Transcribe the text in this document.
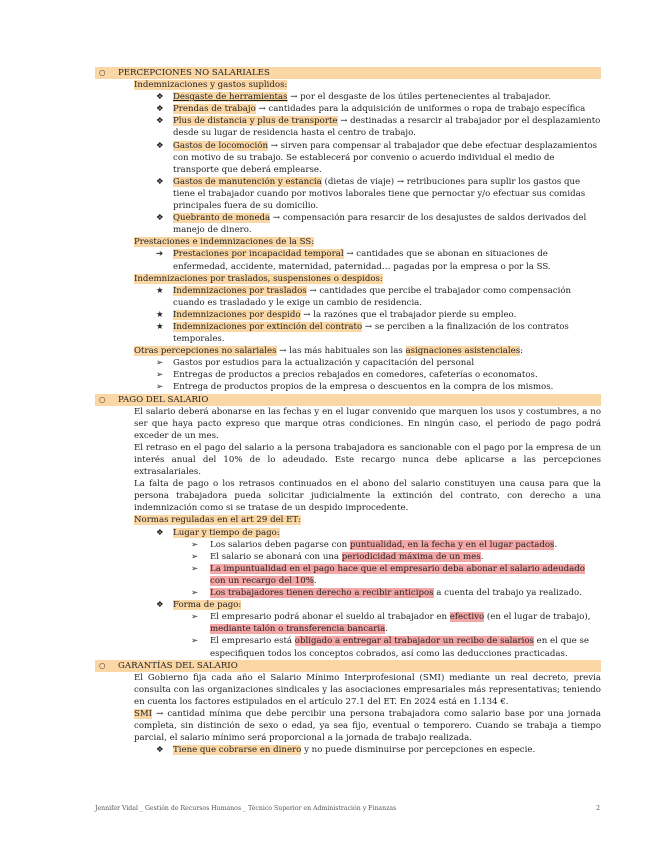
○ PERCEPCIONES NO SALARIALES
Indemnizaciones y gastos suplidos:
❖ Desgaste de herramientas → por el desgaste de los útiles pertenecientes al trabajador.
❖ Prendas de trabajo → cantidades para la adquisición de uniformes o ropa de trabajo específica
❖ Plus de distancia y plus de transporte → destinadas a resarcir al trabajador por el desplazamiento desde su lugar de residencia hasta el centro de trabajo.
❖ Gastos de locomoción → sirven para compensar al trabajador que debe efectuar desplazamientos con motivo de su trabajo. Se establecerá por convenio o acuerdo individual el medio de transporte que deberá emplearse.
❖ Gastos de manutención y estancia (dietas de viaje) → retribuciones para suplir los gastos que tiene el trabajador cuando por motivos laborales tiene que pernoctar y/o efectuar sus comidas principales fuera de su domicilio.
❖ Quebranto de moneda → compensación para resarcir de los desajustes de saldos derivados del manejo de dinero.
Prestaciones e indemnizaciones de la SS:
➔ Prestaciones por incapacidad temporal → cantidades que se abonan en situaciones de enfermedad, accidente, maternidad, paternidad… pagadas por la empresa o por la SS.
Indemnizaciones por traslados, suspensiones o despidos:
★ Indemnizaciones por traslados → cantidades que percibe el trabajador como compensación cuando es trasladado y le exige un cambio de residencia.
★ Indemnizaciones por despido → la razónes que el trabajador pierde su empleo.
★ Indemnizaciones por extinción del contrato → se perciben a la finalización de los contratos temporales.
Otras percepciones no salariales → las más habituales son las asignaciones asistenciales:
➢ Gastos por estudios para la actualización y capacitación del personal
➢ Entregas de productos a precios rebajados en comedores, cafeterías o economatos.
➢ Entrega de productos propios de la empresa o descuentos en la compra de los mismos.
○ PAGO DEL SALARIO
El salario deberá abonarse en las fechas y en el lugar convenido que marquen los usos y costumbres, a no ser que haya pacto expreso que marque otras condiciones. En ningún caso, el periodo de pago podrá exceder de un mes.
El retraso en el pago del salario a la persona trabajadora es sancionable con el pago por la empresa de un interés anual del 10% de lo adeudado. Este recargo nunca debe aplicarse a las percepciones extrasalariales.
La falta de pago o los retrasos continuados en el abono del salario constituyen una causa para que la persona trabajadora pueda solicitar judicialmente la extinción del contrato, con derecho a una indemnización como si se tratase de un despido improcedente.
Normas reguladas en el art 29 del ET:
❖ Lugar y tiempo de pago:
➢ Los salarios deben pagarse con puntualidad, en la fecha y en el lugar pactados.
➢ El salario se abonará con una periodicidad máxima de un mes.
➢ La impuntualidad en el pago hace que el empresario deba abonar el salario adeudado con un recargo del 10%.
➢ Los trabajadores tienen derecho a recibir anticipos a cuenta del trabajo ya realizado.
❖ Forma de pago:
➢ El empresario podrá abonar el sueldo al trabajador en efectivo (en el lugar de trabajo), mediante talón o transferencia bancaria.
➢ El empresario está obligado a entregar al trabajador un recibo de salarios en el que se especifiquen todos los conceptos cobrados, así como las deducciones practicadas.
○ GARANTÍAS DEL SALARIO
El Gobierno fija cada año el Salario Mínimo Interprofesional (SMI) mediante un real decreto, previa consulta con las organizaciones sindicales y las asociaciones empresariales más representativas; teniendo en cuenta los factores estipulados en el artículo 27.1 del ET. En 2024 está en 1.134 €.
SMI → cantidad mínima que debe percibir una persona trabajadora como salario base por una jornada completa, sin distinción de sexo o edad, ya sea fijo, eventual o temporero. Cuando se trabaja a tiempo parcial, el salario mínimo será proporcional a la jornada de trabajo realizada.
❖ Tiene que cobrarse en dinero y no puede disminuirse por percepciones en especie.
Jennifer Vidal _ Gestión de Recursos Humanos _ Técnico Superior en Administración y Finanzas	2
